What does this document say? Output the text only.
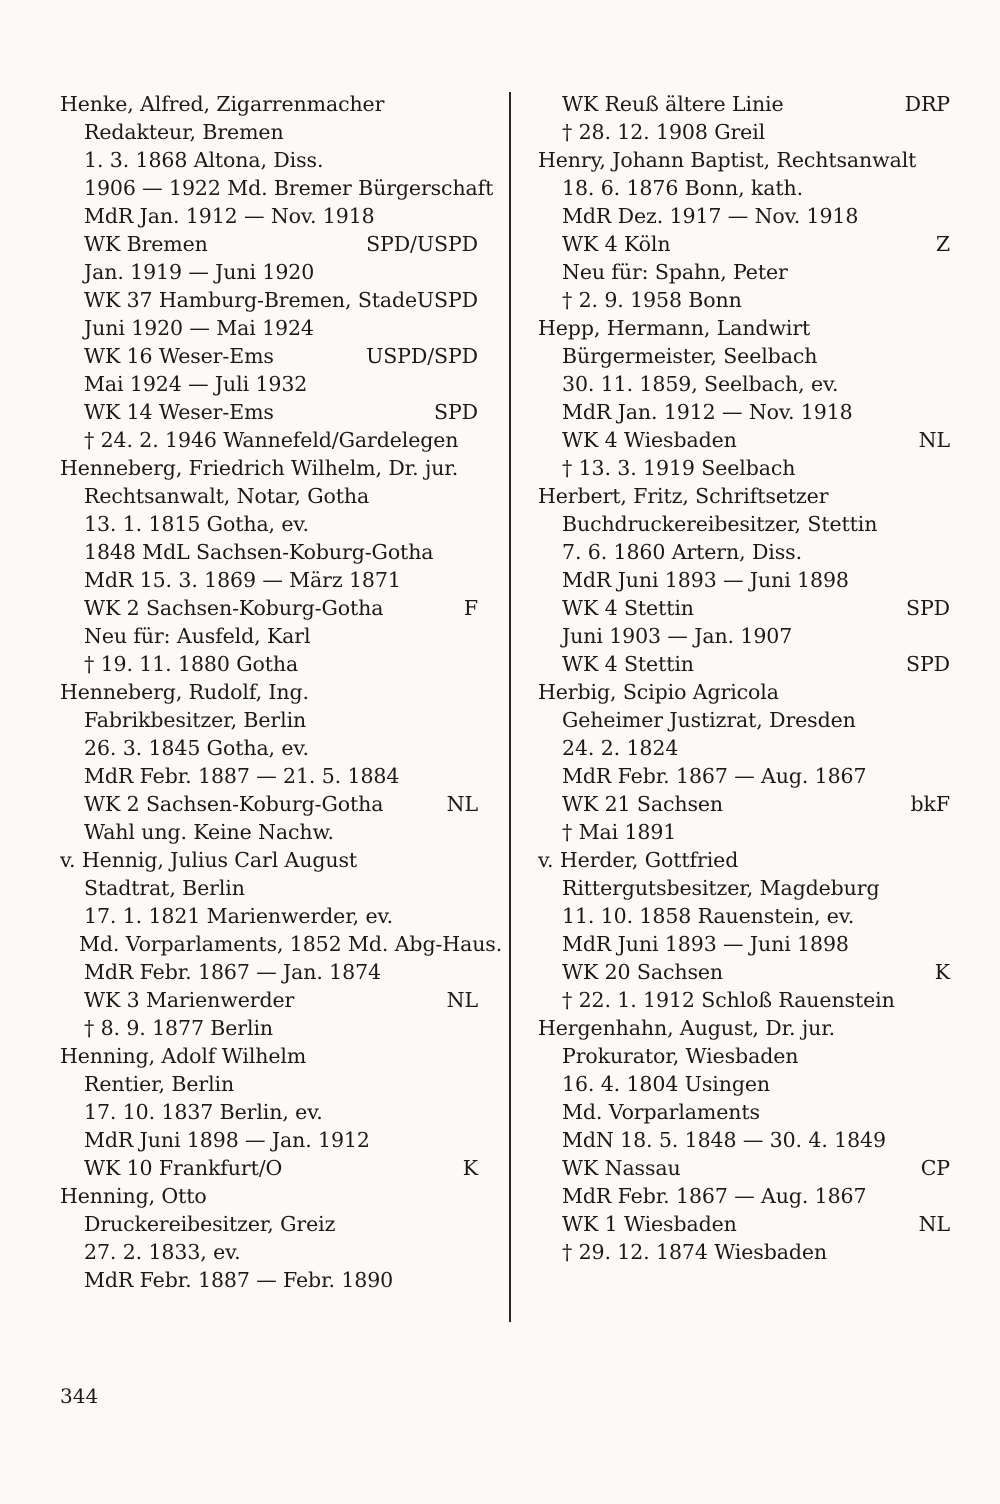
Henke, Alfred, Zigarrenmacher
Redakteur, Bremen
1. 3. 1868 Altona, Diss.
1906 — 1922 Md. Bremer Bürgerschaft
MdR Jan. 1912 — Nov. 1918
WK Bremen	SPD/USPD
Jan. 1919 — Juni 1920
WK 37 Hamburg-Bremen, Stade USPD
Juni 1920 — Mai 1924
WK 16 Weser-Ems	USPD/SPD
Mai 1924 — Juli 1932
WK 14 Weser-Ems	SPD
† 24. 2. 1946 Wannefeld/Gardelegen
Henneberg, Friedrich Wilhelm, Dr. jur.
Rechtsanwalt, Notar, Gotha
13. 1. 1815 Gotha, ev.
1848 MdL Sachsen-Koburg-Gotha
MdR 15. 3. 1869 — März 1871
WK 2 Sachsen-Koburg-Gotha	F
Neu für: Ausfeld, Karl
† 19. 11. 1880 Gotha
Henneberg, Rudolf, Ing.
Fabrikbesitzer, Berlin
26. 3. 1845 Gotha, ev.
MdR Febr. 1887 — 21. 5. 1884
WK 2 Sachsen-Koburg-Gotha	NL
Wahl ung. Keine Nachw.
v. Hennig, Julius Carl August
Stadtrat, Berlin
17. 1. 1821 Marienwerder, ev.
Md. Vorparlaments, 1852 Md. Abg-Haus.
MdR Febr. 1867 — Jan. 1874
WK 3 Marienwerder	NL
† 8. 9. 1877 Berlin
Henning, Adolf Wilhelm
Rentier, Berlin
17. 10. 1837 Berlin, ev.
MdR Juni 1898 — Jan. 1912
WK 10 Frankfurt/O	K
Henning, Otto
Druckereibesitzer, Greiz
27. 2. 1833, ev.
MdR Febr. 1887 — Febr. 1890
WK Reuß ältere Linie	DRP
† 28. 12. 1908 Greil
Henry, Johann Baptist, Rechtsanwalt
18. 6. 1876 Bonn, kath.
MdR Dez. 1917 — Nov. 1918
WK 4 Köln	Z
Neu für: Spahn, Peter
† 2. 9. 1958 Bonn
Hepp, Hermann, Landwirt
Bürgermeister, Seelbach
30. 11. 1859, Seelbach, ev.
MdR Jan. 1912 — Nov. 1918
WK 4 Wiesbaden	NL
† 13. 3. 1919 Seelbach
Herbert, Fritz, Schriftsetzer
Buchdruckereibesitzer, Stettin
7. 6. 1860 Artern, Diss.
MdR Juni 1893 — Juni 1898
WK 4 Stettin	SPD
Juni 1903 — Jan. 1907
WK 4 Stettin	SPD
Herbig, Scipio Agricola
Geheimer Justizrat, Dresden
24. 2. 1824
MdR Febr. 1867 — Aug. 1867
WK 21 Sachsen	bkF
† Mai 1891
v. Herder, Gottfried
Rittergutsbesitzer, Magdeburg
11. 10. 1858 Rauenstein, ev.
MdR Juni 1893 — Juni 1898
WK 20 Sachsen	K
† 22. 1. 1912 Schloß Rauenstein
Hergenhahn, August, Dr. jur.
Prokurator, Wiesbaden
16. 4. 1804 Usingen
Md. Vorparlaments
MdN 18. 5. 1848 — 30. 4. 1849
WK Nassau	CP
MdR Febr. 1867 — Aug. 1867
WK 1 Wiesbaden	NL
† 29. 12. 1874 Wiesbaden
344
